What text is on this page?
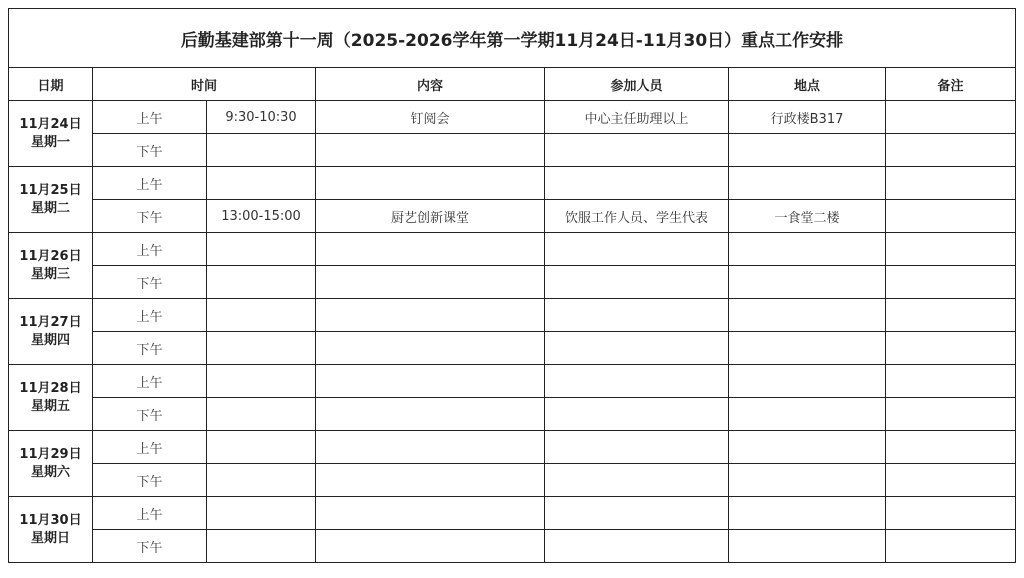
后勤基建部第十一周（2025-2026学年第一学期11月24日-11月30日）重点工作安排						
日期	时间		内容	参加人员	地点	备注

11月24日
星期一	上午	9:30-10:30	钉阅会	中心主任助理以上	行政楼B317	
	下午					

11月25日
星期二	上午					
	下午	13:00-15:00	厨艺创新课堂	饮服工作人员、学生代表	一食堂二楼	

11月26日
星期三	上午					
	下午					

11月27日
星期四	上午					
	下午					

11月28日
星期五	上午					
	下午					

11月29日
星期六	上午					
	下午					

11月30日
星期日	上午					
	下午					
